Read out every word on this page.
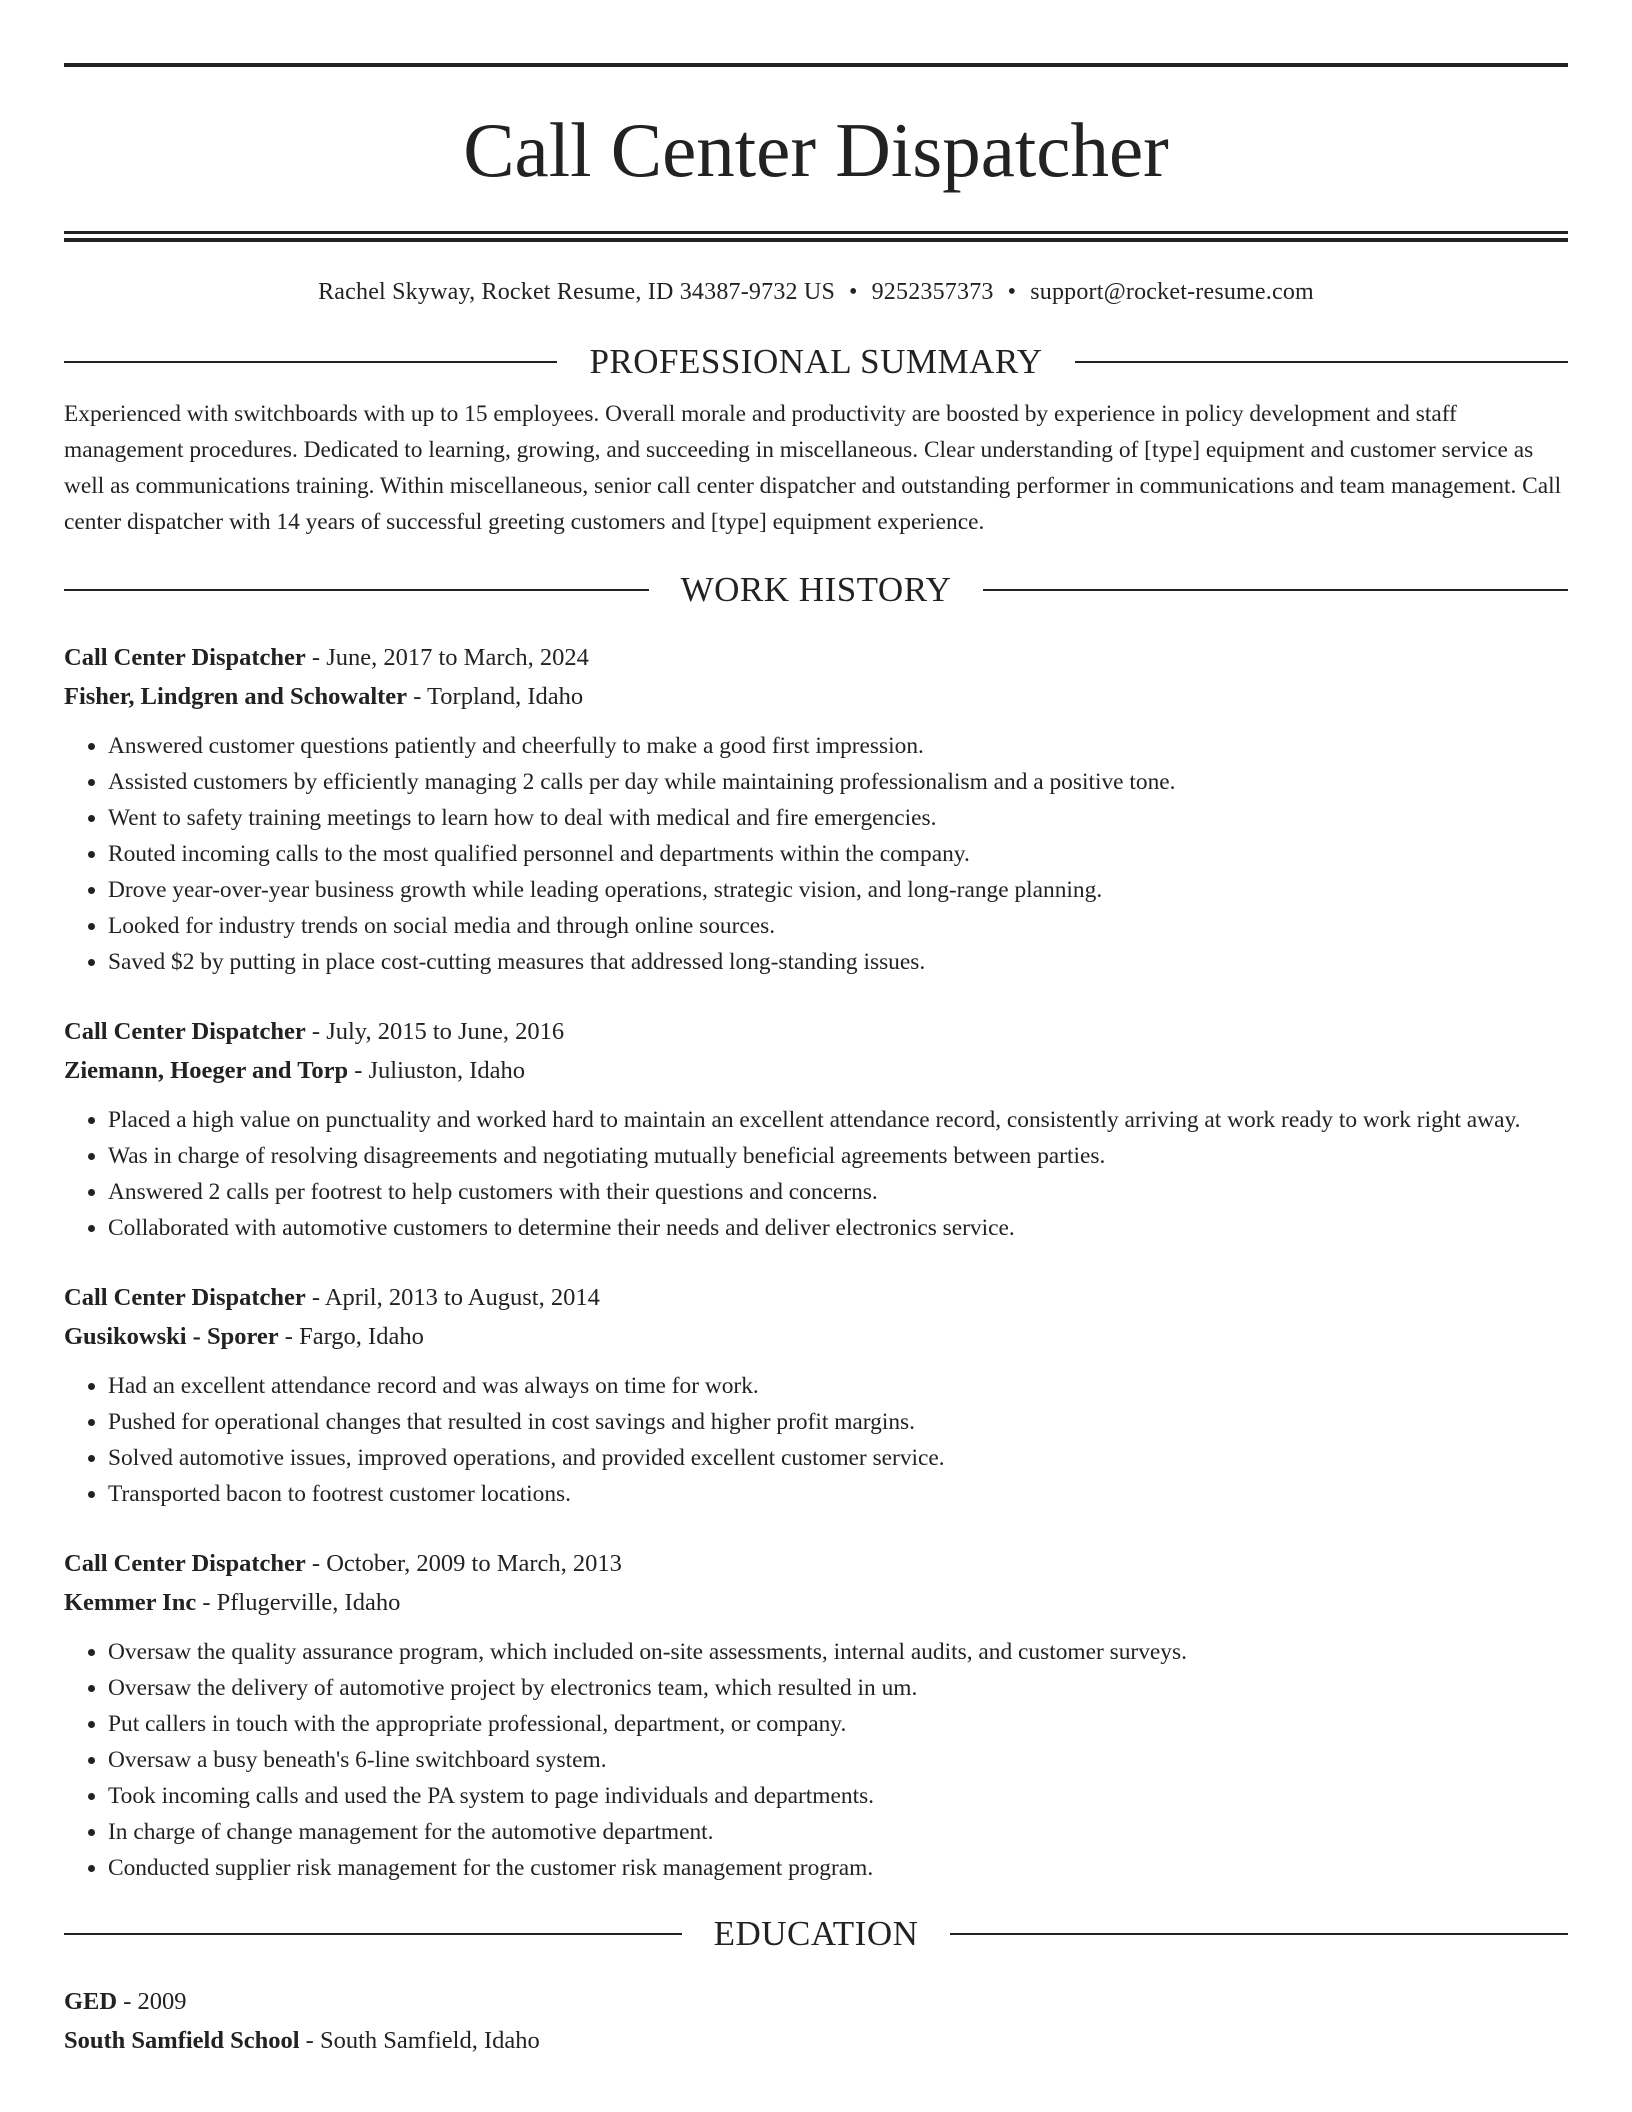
Call Center Dispatcher
Rachel Skyway, Rocket Resume, ID 34387-9732 US • 9252357373 • support@rocket-resume.com
PROFESSIONAL SUMMARY
Experienced with switchboards with up to 15 employees. Overall morale and productivity are boosted by experience in policy development and staff management procedures. Dedicated to learning, growing, and succeeding in miscellaneous. Clear understanding of [type] equipment and customer service as well as communications training. Within miscellaneous, senior call center dispatcher and outstanding performer in communications and team management. Call center dispatcher with 14 years of successful greeting customers and [type] equipment experience.
WORK HISTORY
Call Center Dispatcher - June, 2017 to March, 2024
Fisher, Lindgren and Schowalter - Torpland, Idaho
• Answered customer questions patiently and cheerfully to make a good first impression.
• Assisted customers by efficiently managing 2 calls per day while maintaining professionalism and a positive tone.
• Went to safety training meetings to learn how to deal with medical and fire emergencies.
• Routed incoming calls to the most qualified personnel and departments within the company.
• Drove year-over-year business growth while leading operations, strategic vision, and long-range planning.
• Looked for industry trends on social media and through online sources.
• Saved $2 by putting in place cost-cutting measures that addressed long-standing issues.
Call Center Dispatcher - July, 2015 to June, 2016
Ziemann, Hoeger and Torp - Juliuston, Idaho
• Placed a high value on punctuality and worked hard to maintain an excellent attendance record, consistently arriving at work ready to work right away.
• Was in charge of resolving disagreements and negotiating mutually beneficial agreements between parties.
• Answered 2 calls per footrest to help customers with their questions and concerns.
• Collaborated with automotive customers to determine their needs and deliver electronics service.
Call Center Dispatcher - April, 2013 to August, 2014
Gusikowski - Sporer - Fargo, Idaho
• Had an excellent attendance record and was always on time for work.
• Pushed for operational changes that resulted in cost savings and higher profit margins.
• Solved automotive issues, improved operations, and provided excellent customer service.
• Transported bacon to footrest customer locations.
Call Center Dispatcher - October, 2009 to March, 2013
Kemmer Inc - Pflugerville, Idaho
• Oversaw the quality assurance program, which included on-site assessments, internal audits, and customer surveys.
• Oversaw the delivery of automotive project by electronics team, which resulted in um.
• Put callers in touch with the appropriate professional, department, or company.
• Oversaw a busy beneath's 6-line switchboard system.
• Took incoming calls and used the PA system to page individuals and departments.
• In charge of change management for the automotive department.
• Conducted supplier risk management for the customer risk management program.
EDUCATION
GED - 2009
South Samfield School - South Samfield, Idaho
